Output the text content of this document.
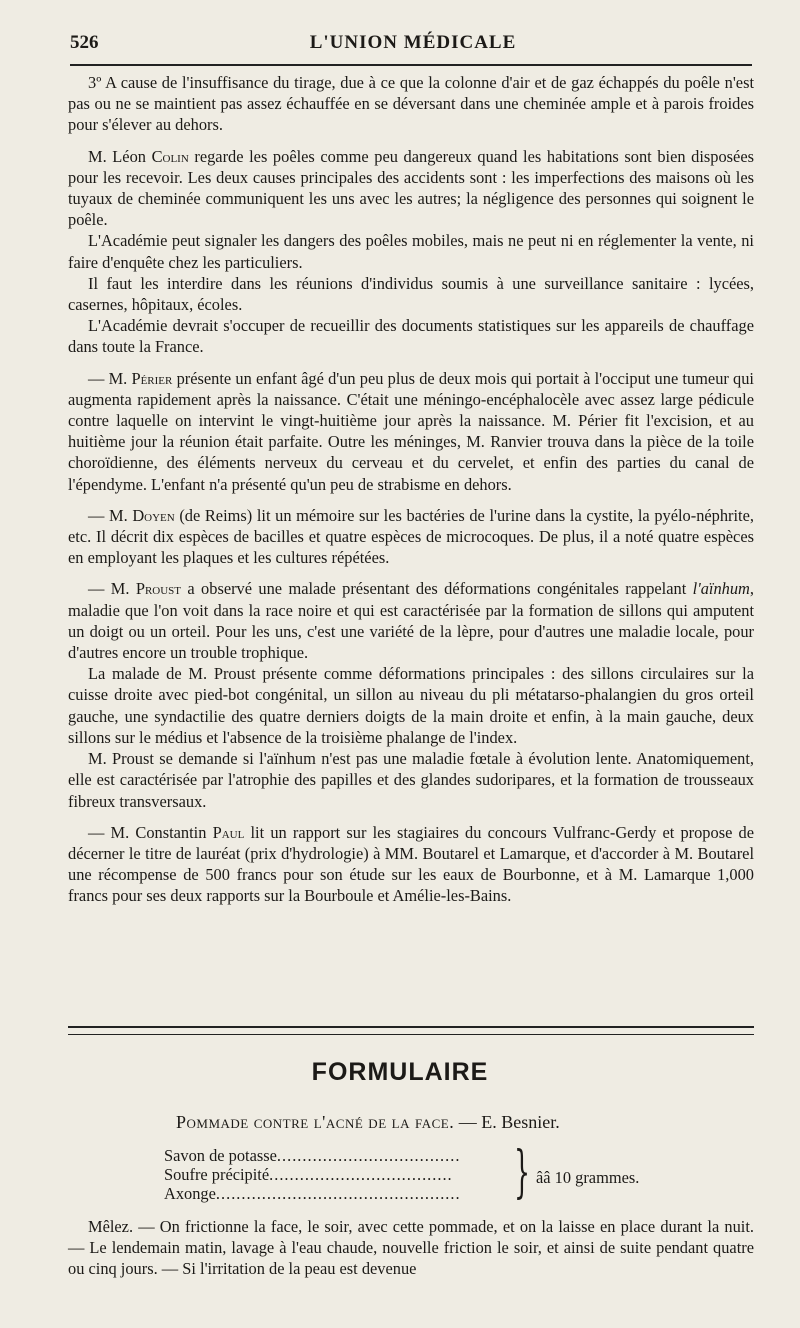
526	L'UNION MÉDICALE

3º A cause de l'insuffisance du tirage, due à ce que la colonne d'air et de gaz échappés du poêle n'est pas ou ne se maintient pas assez échauffée en se déversant dans une cheminée ample et à parois froides pour s'élever au dehors.

M. Léon Colin regarde les poêles comme peu dangereux quand les habitations sont bien disposées pour les recevoir. Les deux causes principales des accidents sont : les imperfections des maisons où les tuyaux de cheminée communiquent les uns avec les autres; la négligence des personnes qui soignent le poêle.

L'Académie peut signaler les dangers des poêles mobiles, mais ne peut ni en réglementer la vente, ni faire d'enquête chez les particuliers.

Il faut les interdire dans les réunions d'individus soumis à une surveillance sanitaire : lycées, casernes, hôpitaux, écoles.

L'Académie devrait s'occuper de recueillir des documents statistiques sur les appareils de chauffage dans toute la France.

— M. Périer présente un enfant âgé d'un peu plus de deux mois qui portait à l'occiput une tumeur qui augmenta rapidement après la naissance. C'était une méningo-encéphalocèle avec assez large pédicule contre laquelle on intervint le vingt-huitième jour après la naissance. M. Périer fit l'excision, et au huitième jour la réunion était parfaite. Outre les méninges, M. Ranvier trouva dans la pièce de la toile choroïdienne, des éléments nerveux du cerveau et du cervelet, et enfin des parties du canal de l'épendyme. L'enfant n'a présenté qu'un peu de strabisme en dehors.

— M. Doyen (de Reims) lit un mémoire sur les bactéries de l'urine dans la cystite, la pyélo-néphrite, etc. Il décrit dix espèces de bacilles et quatre espèces de microcoques. De plus, il a noté quatre espèces en employant les plaques et les cultures répétées.

— M. Proust a observé une malade présentant des déformations congénitales rappelant l'aïnhum, maladie que l'on voit dans la race noire et qui est caractérisée par la formation de sillons qui amputent un doigt ou un orteil. Pour les uns, c'est une variété de la lèpre, pour d'autres une maladie locale, pour d'autres encore un trouble trophique.

La malade de M. Proust présente comme déformations principales : des sillons circulaires sur la cuisse droite avec pied-bot congénital, un sillon au niveau du pli métatarso-phalangien du gros orteil gauche, une syndactilie des quatre derniers doigts de la main droite et enfin, à la main gauche, deux sillons sur le médius et l'absence de la troisième phalange de l'index.

M. Proust se demande si l'aïnhum n'est pas une maladie fœtale à évolution lente. Anatomiquement, elle est caractérisée par l'atrophie des papilles et des glandes sudoripares, et la formation de trousseaux fibreux transversaux.

— M. Constantin Paul lit un rapport sur les stagiaires du concours Vulfranc-Gerdy et propose de décerner le titre de lauréat (prix d'hydrologie) à MM. Boutarel et Lamarque, et d'accorder à M. Boutarel une récompense de 500 francs pour son étude sur les eaux de Bourbonne, et à M. Lamarque 1,000 francs pour ses deux rapports sur la Bourboule et Amélie-les-Bains.

FORMULAIRE
Pommade contre l'acné de la face. — E. Besnier.
Savon de potasse ....................................
Soufre précipité ....................................
Axonge ................................................ } ââ 10 grammes.

Mêlez. — On frictionne la face, le soir, avec cette pommade, et on la laisse en place durant la nuit. — Le lendemain matin, lavage à l'eau chaude, nouvelle friction le soir, et ainsi de suite pendant quatre ou cinq jours. — Si l'irritation de la peau est devenue
